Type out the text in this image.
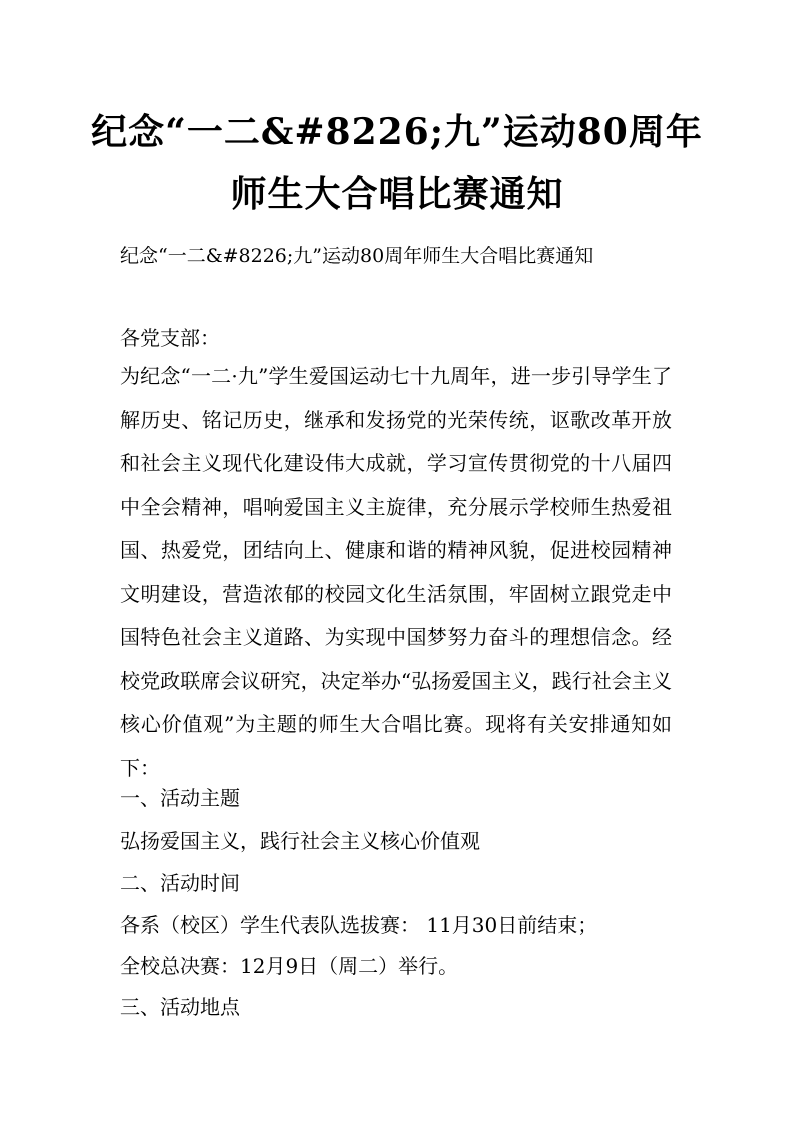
纪念“一二&#8226;九”运动80周年
师生大合唱比赛通知
纪念“一二&#8226;九”运动80周年师生大合唱比赛通知
各党支部：

为纪念“一二·九”学生爱国运动七十九周年，进一步引导学生了解历史、铭记历史，继承和发扬党的光荣传统，讴歌改革开放和社会主义现代化建设伟大成就，学习宣传贯彻党的十八届四中全会精神，唱响爱国主义主旋律，充分展示学校师生热爱祖国、热爱党，团结向上、健康和谐的精神风貌，促进校园精神文明建设，营造浓郁的校园文化生活氛围，牢固树立跟党走中国特色社会主义道路、为实现中国梦努力奋斗的理想信念。经校党政联席会议研究，决定举办“弘扬爱国主义，践行社会主义核心价值观”为主题的师生大合唱比赛。现将有关安排通知如下：

一、活动主题
弘扬爱国主义，践行社会主义核心价值观
二、活动时间
各系（校区）学生代表队选拔赛： 11月30日前结束；
全校总决赛：12月9日（周二）举行。
三、活动地点
